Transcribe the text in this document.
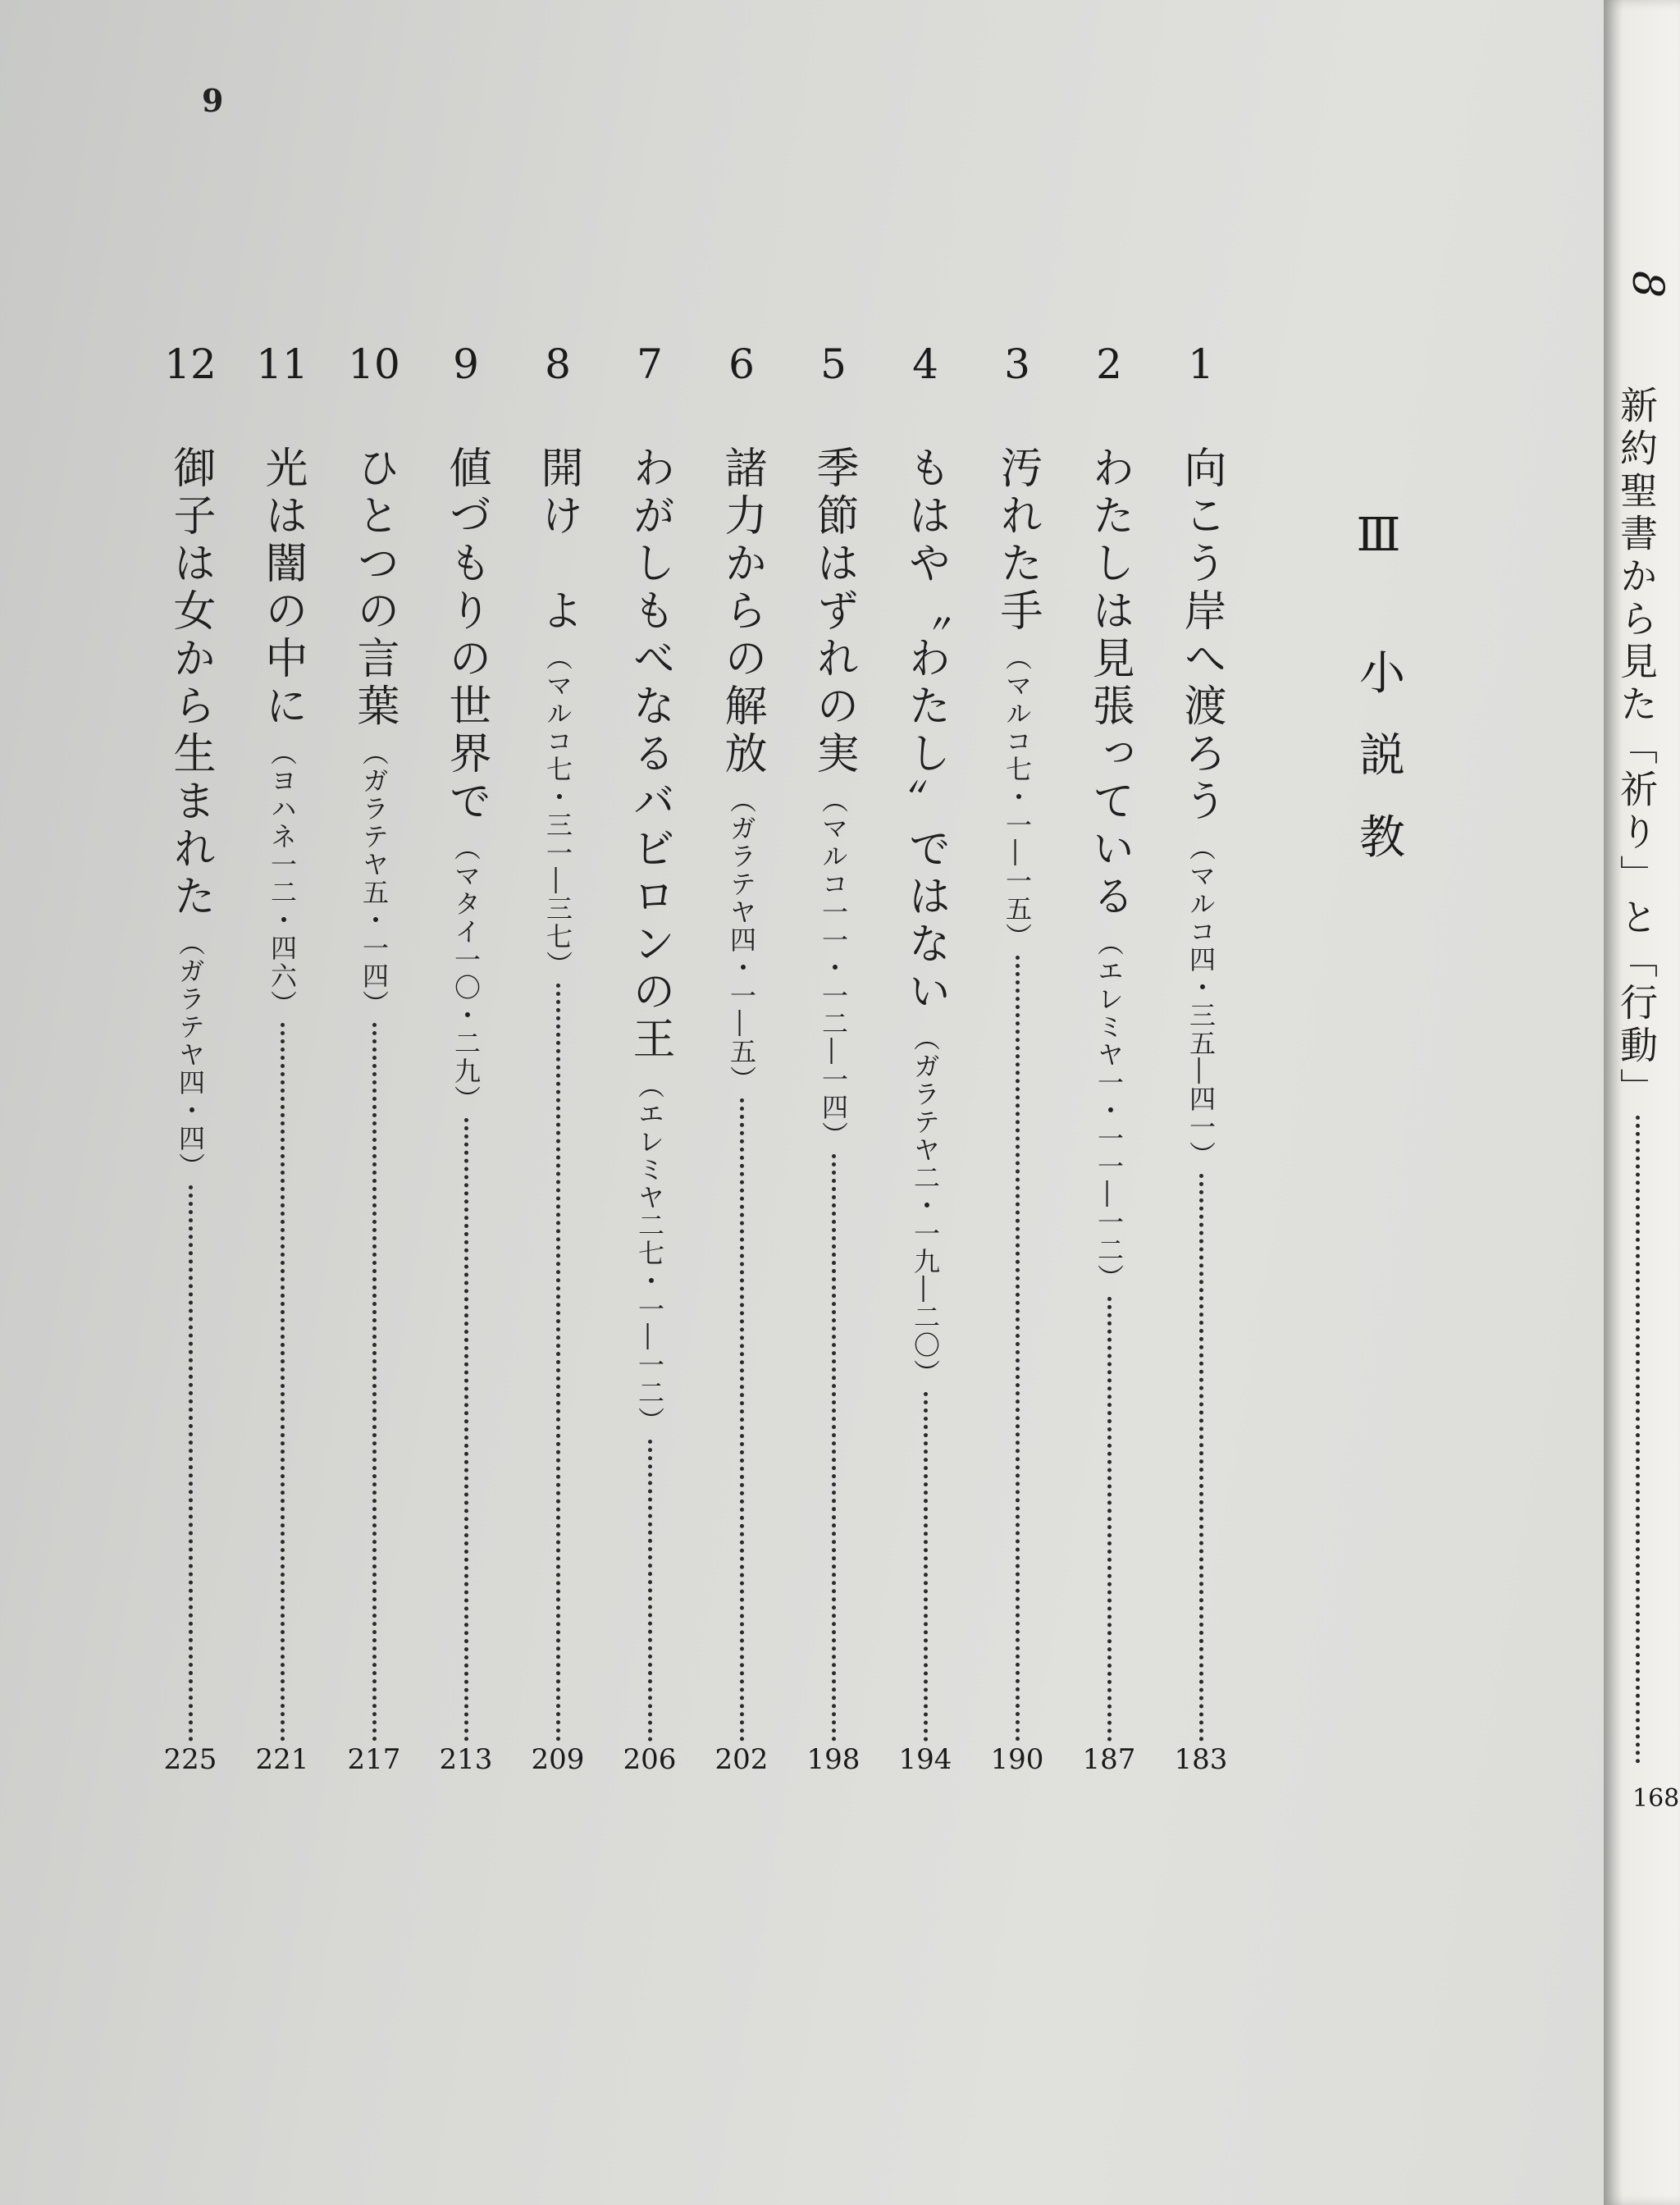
9
Ⅲ 小説教
1
向こう岸へ渡ろう
（マルコ四・三五―四一）
183
2
わたしは見張っている
（エレミヤ一・一一―一二）
187
3
汚れた手
（マルコ七・一―一五）
190
4
もはや〝わたし〟ではない
（ガラテヤ二・一九―二〇）
194
5
季節はずれの実
（マルコ一一・一二―一四）
198
6
諸力からの解放
（ガラテヤ四・一―五）
202
7
わがしもべなるバビロンの王
（エレミヤ二七・一―一二）
206
8
開け　よ
（マルコ七・三一―三七）
209
9
値づもりの世界で
（マタイ一〇・二九）
213
10
ひとつの言葉
（ガラテヤ五・一四）
217
11
光は闇の中に
（ヨハネ一二・四六）
221
12
御子は女から生まれた
（ガラテヤ四・四）
225
8
新約聖書から見た「祈り」と「行動」
168
